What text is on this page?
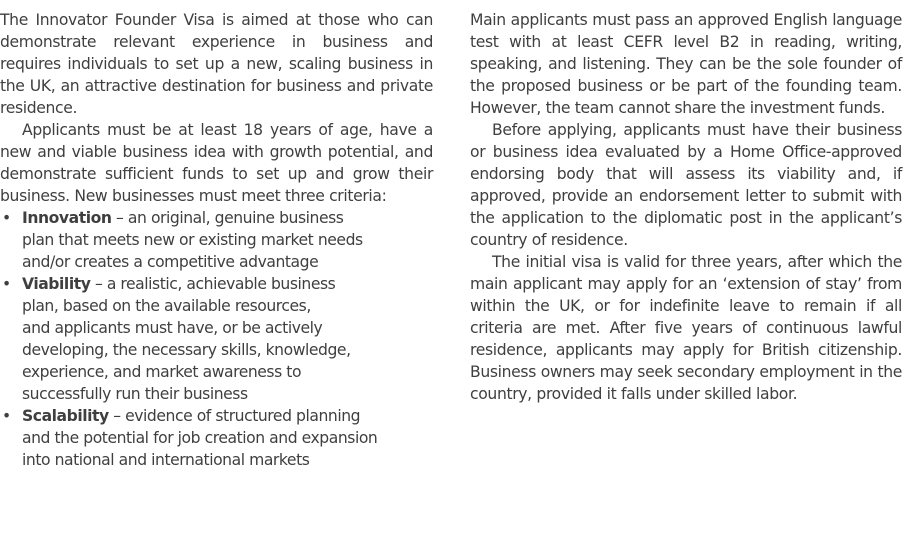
The Innovator Founder Visa is aimed at those who can demonstrate relevant experience in business and requires individuals to set up a new, scaling business in the UK, an attractive destination for business and private residence.

Applicants must be at least 18 years of age, have a new and viable business idea with growth potential, and demonstrate sufficient funds to set up and grow their business. New businesses must meet three criteria:

• Innovation – an original, genuine business
plan that meets new or existing market needs
and/or creates a competitive advantage
• Viability – a realistic, achievable business
plan, based on the available resources,
and applicants must have, or be actively
developing, the necessary skills, knowledge,
experience, and market awareness to
successfully run their business
• Scalability – evidence of structured planning
and the potential for job creation and expansion
into national and international markets

Main applicants must pass an approved English language test with at least CEFR level B2 in reading, writing, speaking, and listening. They can be the sole founder of the proposed business or be part of the founding team. However, the team cannot share the investment funds.

Before applying, applicants must have their business or business idea evaluated by a Home Office-approved endorsing body that will assess its viability and, if approved, provide an endorsement letter to submit with the application to the diplomatic post in the applicant’s country of residence.

The initial visa is valid for three years, after which the main applicant may apply for an ‘extension of stay’ from within the UK, or for indefinite leave to remain if all criteria are met. After five years of continuous lawful residence, applicants may apply for British citizenship. Business owners may seek secondary employment in the country, provided it falls under skilled labor.
